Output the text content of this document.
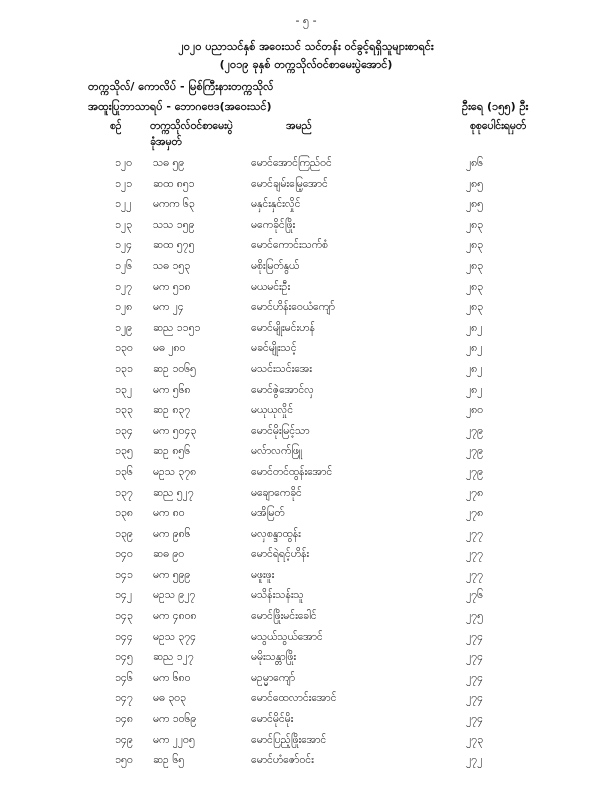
- ၅ -
၂၀၂၀ ပညာသင်နှစ် အဝေးသင် သင်တန်း ဝင်ခွင့်ရရှိသူများစာရင်း
(၂၀၁၉ ခုနှစ် တက္ကသိုလ်ဝင်စာမေးပွဲအောင်)
တက္ကသိုလ်/ ကောလိပ် - မြစ်ကြီးနားတက္ကသိုလ်
အထူးပြုဘာသာရပ် - ဘောဂဗေဒ(အဝေးသင်)	ဦးရေ (၁၅၅) ဦး
စဉ်	တက္ကသိုလ်ဝင်စာမေးပွဲ
ခုံအမှတ်
အမည်	စုစုပေါင်းရမှတ်
၁၂၀ သဓ ၅၉	မောင်အောင်ကြည်ဝင်	၂၈၆
၁၂၁ ဆထ ၈၅၁	မောင်ချမ်းမြေ့အောင်	၂၈၅
၁၂၂ မကက ၆၃	မနှင်းနှင်းလှိုင်	၂၈၅
၁၂၃ သသ ၁၅၉	မကေခိုင်ဖြိုး	၂၈၃
၁၂၄ ဆထ ၅၇၅	မောင်ကောင်းသက်စံ	၂၈၃
၁၂၆ သဓ ၁၅၃	မစိုးမြတ်နွယ်	၂၈၃
၁၂၇ မက ၅၁၈	မယမင်းဦး	၂၈၃
၁၂၈ မက ၂၄	မောင်ဟိန်းဝေယံကျော်	၂၈၃
၁၂၉ ဆည ၁၁၅၁	မောင်မျိုးမင်းဟန်	၂၈၂
၁၃၀ မဓ ၂၈၀	မခင်မျိုးသင့်	၂၈၂
၁၃၁ ဆဥ ၁၀၆၅	မသင်းသင်းအေး	၂၈၂
၁၃၂ မက ၅၆၈	မောင်ဇွဲအောင်လှ	၂၈၂
၁၃၃ ဆဥ ၈၃၇	မယုယုလှိုင်	၂၈၀
၁၃၄ မက ၅၀၄၃	မောင်မိုးမြင့်သာ	၂၇၉
၁၃၅ ဆဥ ၈၅၆	မလ်ာလက်ဖြူ	၂၇၉
၁၃၆ မဥသ ၃၇၈	မောင်တင်ထွန်းအောင်	၂၇၉
၁၃၇ ဆည ၅၂၇	မချောကေခိုင်	၂၇၈
၁၃၈ မက ၈၀	မအိမြတ်	၂၇၈
၁၃၉ မက ၉၈၆	မလှစန္ဒာထွန်း	၂၇၇
၁၄၀ ဆဓ ၉၀	မောင်ရဲရင့်ဟိန်း	၂၇၇
၁၄၁ မက ၅၉၉	မဖူးဖူး	၂၇၇
၁၄၂ မဥသ ၉၂၇	မသိန်းသန်းသူ	၂၇၆
၁၄၃ မက ၄၈၀၈	မောင်ဖြိုးမင်းခေါင်	၂၇၅
၁၄၄ မဥသ ၃၇၄	မသွယ်သွယ်အောင်	၂၇၄
၁၄၅ ဆည ၁၂၇	မမိုးသန္တာဖြိုး	၂၇၄
၁၄၆ မက ၆၈၀	မဥမ္မာကျော်	၂၇၄
၁၄၇ မဓ ၃၀၃	မောင်ထေလာင်းအောင်	၂၇၄
၁၄၈ မက ၁၀၆၉	မောင်မိုင်မိုး	၂၇၄
၁၄၉ မက ၂၂၀၅	မောင်ပြည့်ဖြိုးအောင်	၂၇၃
၁၅၀ ဆဥ ၆၅	မောင်ဟံဇော်ဝင်း	၂၇၂
